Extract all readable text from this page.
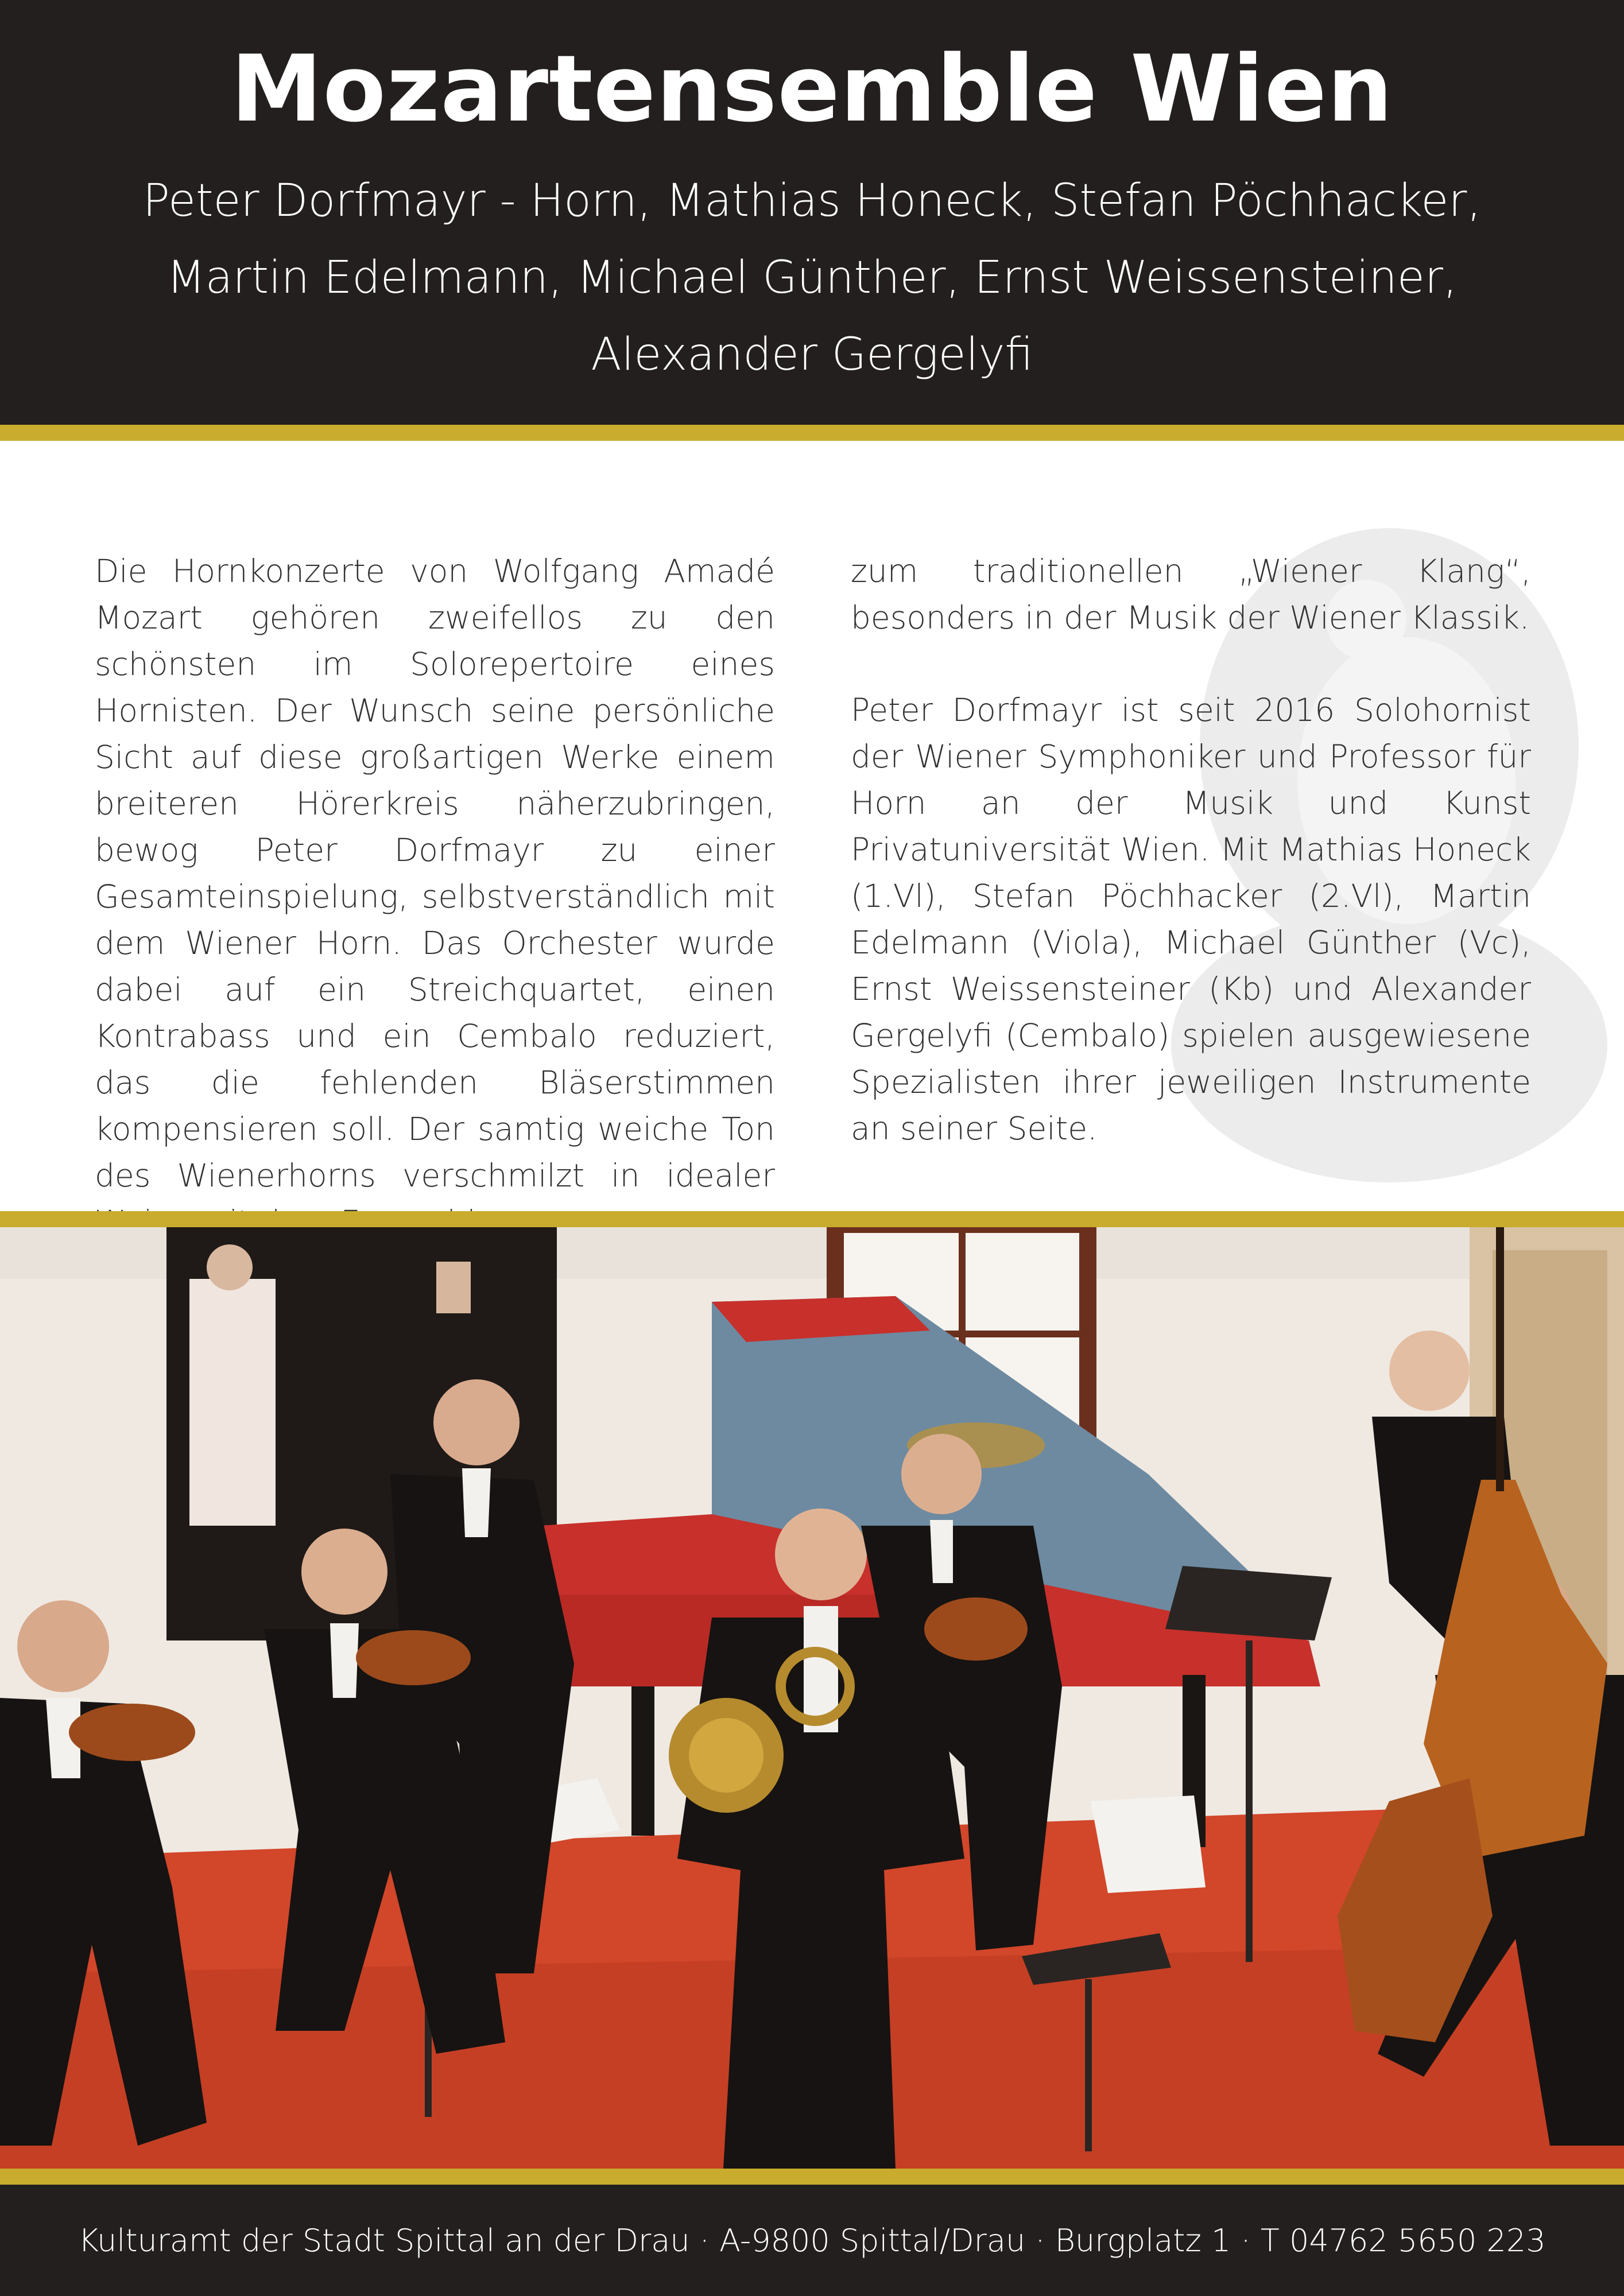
Mozartensemble Wien
Peter Dorfmayr - Horn, Mathias Honeck, Stefan Pöchhacker,
Martin Edelmann, Michael Günther, Ernst Weissensteiner,
Alexander Gergelyfi

Die Hornkonzerte von Wolfgang Amadé Mozart gehören zweifellos zu den schönsten im Solorepertoire eines Hornisten. Der Wunsch seine persönliche Sicht auf diese großartigen Werke einem breiteren Hörerkreis näherzubringen, bewog Peter Dorfmayr zu einer Gesamteinspielung, selbstverständlich mit dem Wiener Horn. Das Orchester wurde dabei auf ein Streichquartet, einen Kontrabass und ein Cembalo reduziert, das die fehlenden Bläserstimmen kompensieren soll. Der samtig weiche Ton des Wienerhorns verschmilzt in idealer

zum traditionellen „Wiener Klang“, besonders in der Musik der Wiener Klassik.

Peter Dorfmayr ist seit 2016 Solohornist der Wiener Symphoniker und Professor für Horn an der Musik und Kunst Privatuniversität Wien. Mit Mathias Honeck (1.Vl), Stefan Pöchhacker (2.Vl), Martin Edelmann (Viola), Michael Günther (Vc), Ernst Weissensteiner (Kb) und Alexander Gergelyfi (Cembalo) spielen ausgewiesene Spezialisten ihrer jeweiligen Instrumente an seiner Seite.

Kulturamt der Stadt Spittal an der Drau · A-9800 Spittal/Drau · Burgplatz 1 · T 04762 5650 223
